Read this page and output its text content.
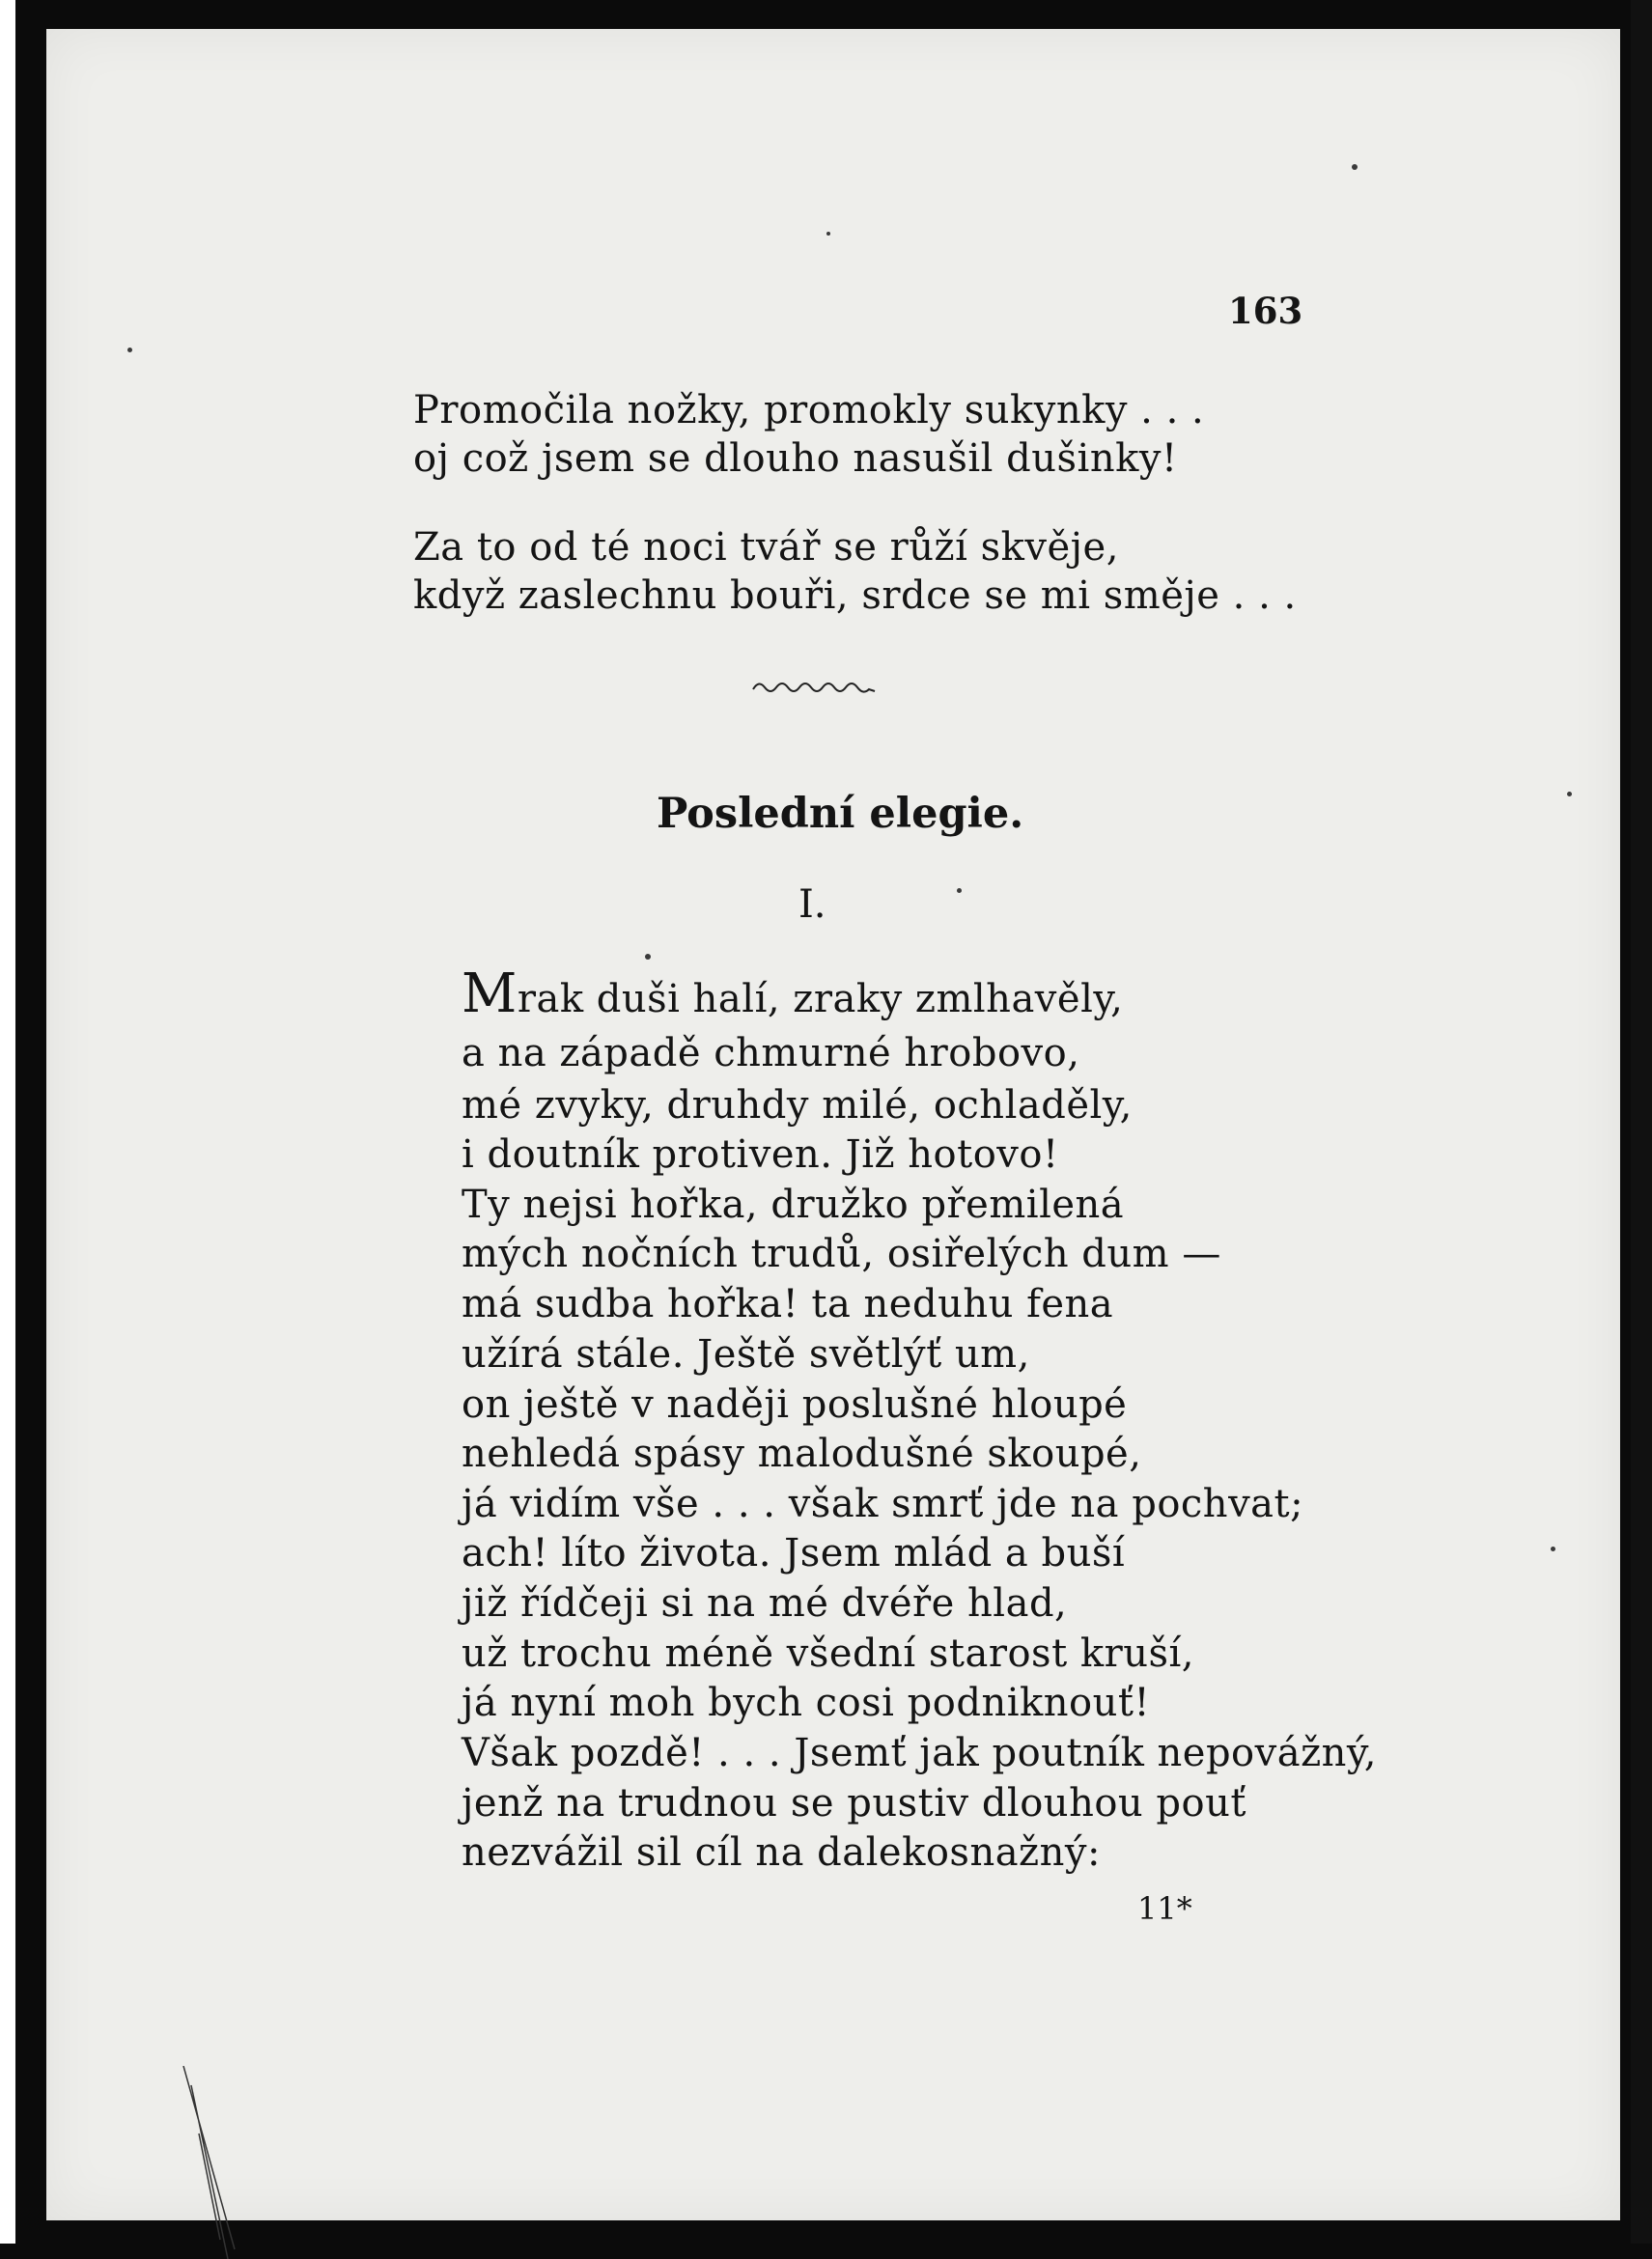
163
Promočila nožky, promokly sukynky . . .
oj což jsem se dlouho nasušil dušinky!
Za to od té noci tvář se růží skvěje,
když zaslechnu bouři, srdce se mi směje . . .
Poslední elegie.
I.
Mrak duši halí, zraky zmlhavěly,
a na západě chmurné hrobovo,
mé zvyky, druhdy milé, ochladěly,
i doutník protiven. Již hotovo!
Ty nejsi hořka, družko přemilená
mých nočních trudů, osiřelých dum —
má sudba hořka! ta neduhu fena
užírá stále. Ještě světlýť um,
on ještě v naději poslušné hloupé
nehledá spásy malodušné skoupé,
já vidím vše . . . však smrť jde na pochvat;
ach! líto života. Jsem mlád a buší
již řídčeji si na mé dvéře hlad,
už trochu méně všední starost kruší,
já nyní moh bych cosi podniknouť!
Však pozdě! . . . Jsemť jak poutník nepovážný,
jenž na trudnou se pustiv dlouhou pouť
nezvážil sil cíl na dalekosnažný:
11*
